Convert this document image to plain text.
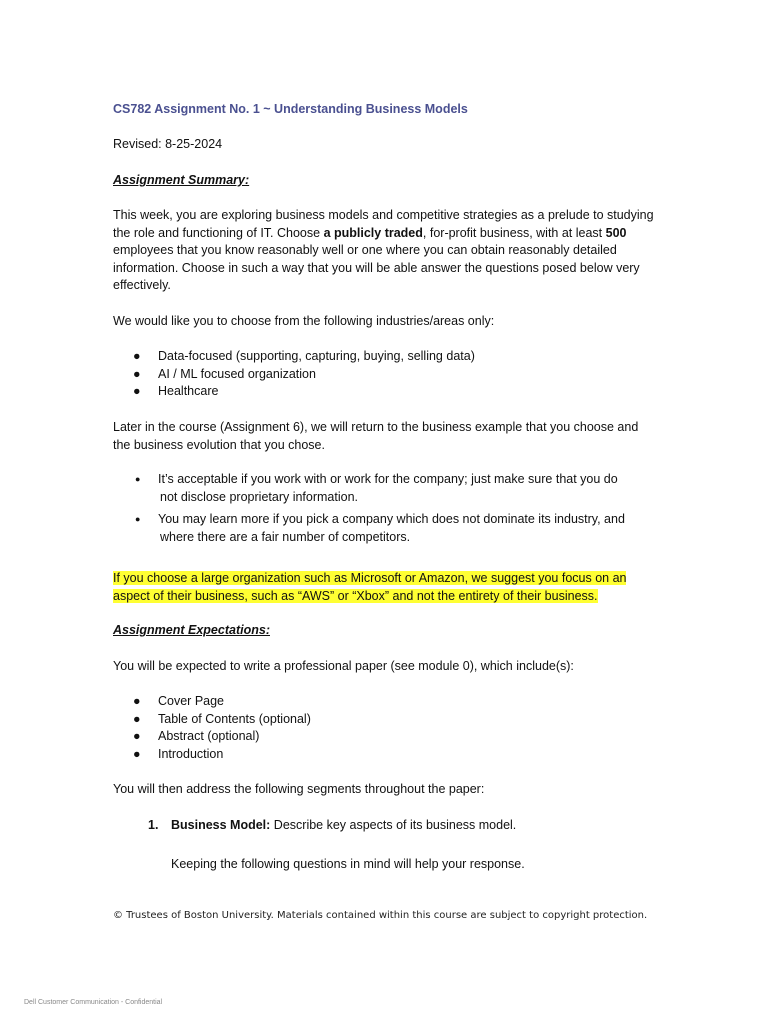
CS782 Assignment No. 1 ~ Understanding Business Models

Revised: 8-25-2024

Assignment Summary:

This week, you are exploring business models and competitive strategies as a prelude to studying the role and functioning of IT. Choose a publicly traded, for-profit business, with at least 500 employees that you know reasonably well or one where you can obtain reasonably detailed information. Choose in such a way that you will be able answer the questions posed below very effectively.

We would like you to choose from the following industries/areas only:

● Data-focused (supporting, capturing, buying, selling data)
● AI / ML focused organization
● Healthcare

Later in the course (Assignment 6), we will return to the business example that you choose and the business evolution that you chose.

● It’s acceptable if you work with or work for the company; just make sure that you do
not disclose proprietary information.
● You may learn more if you pick a company which does not dominate its industry, and
where there are a fair number of competitors.

If you choose a large organization such as Microsoft or Amazon, we suggest you focus on an aspect of their business, such as “AWS” or “Xbox” and not the entirety of their business.

Assignment Expectations:

You will be expected to write a professional paper (see module 0), which include(s):

● Cover Page
● Table of Contents (optional)
● Abstract (optional)
● Introduction

You will then address the following segments throughout the paper:

1. Business Model: Describe key aspects of its business model.

Keeping the following questions in mind will help your response.

© Trustees of Boston University. Materials contained within this course are subject to copyright protection.
Dell Customer Communication - Confidential
